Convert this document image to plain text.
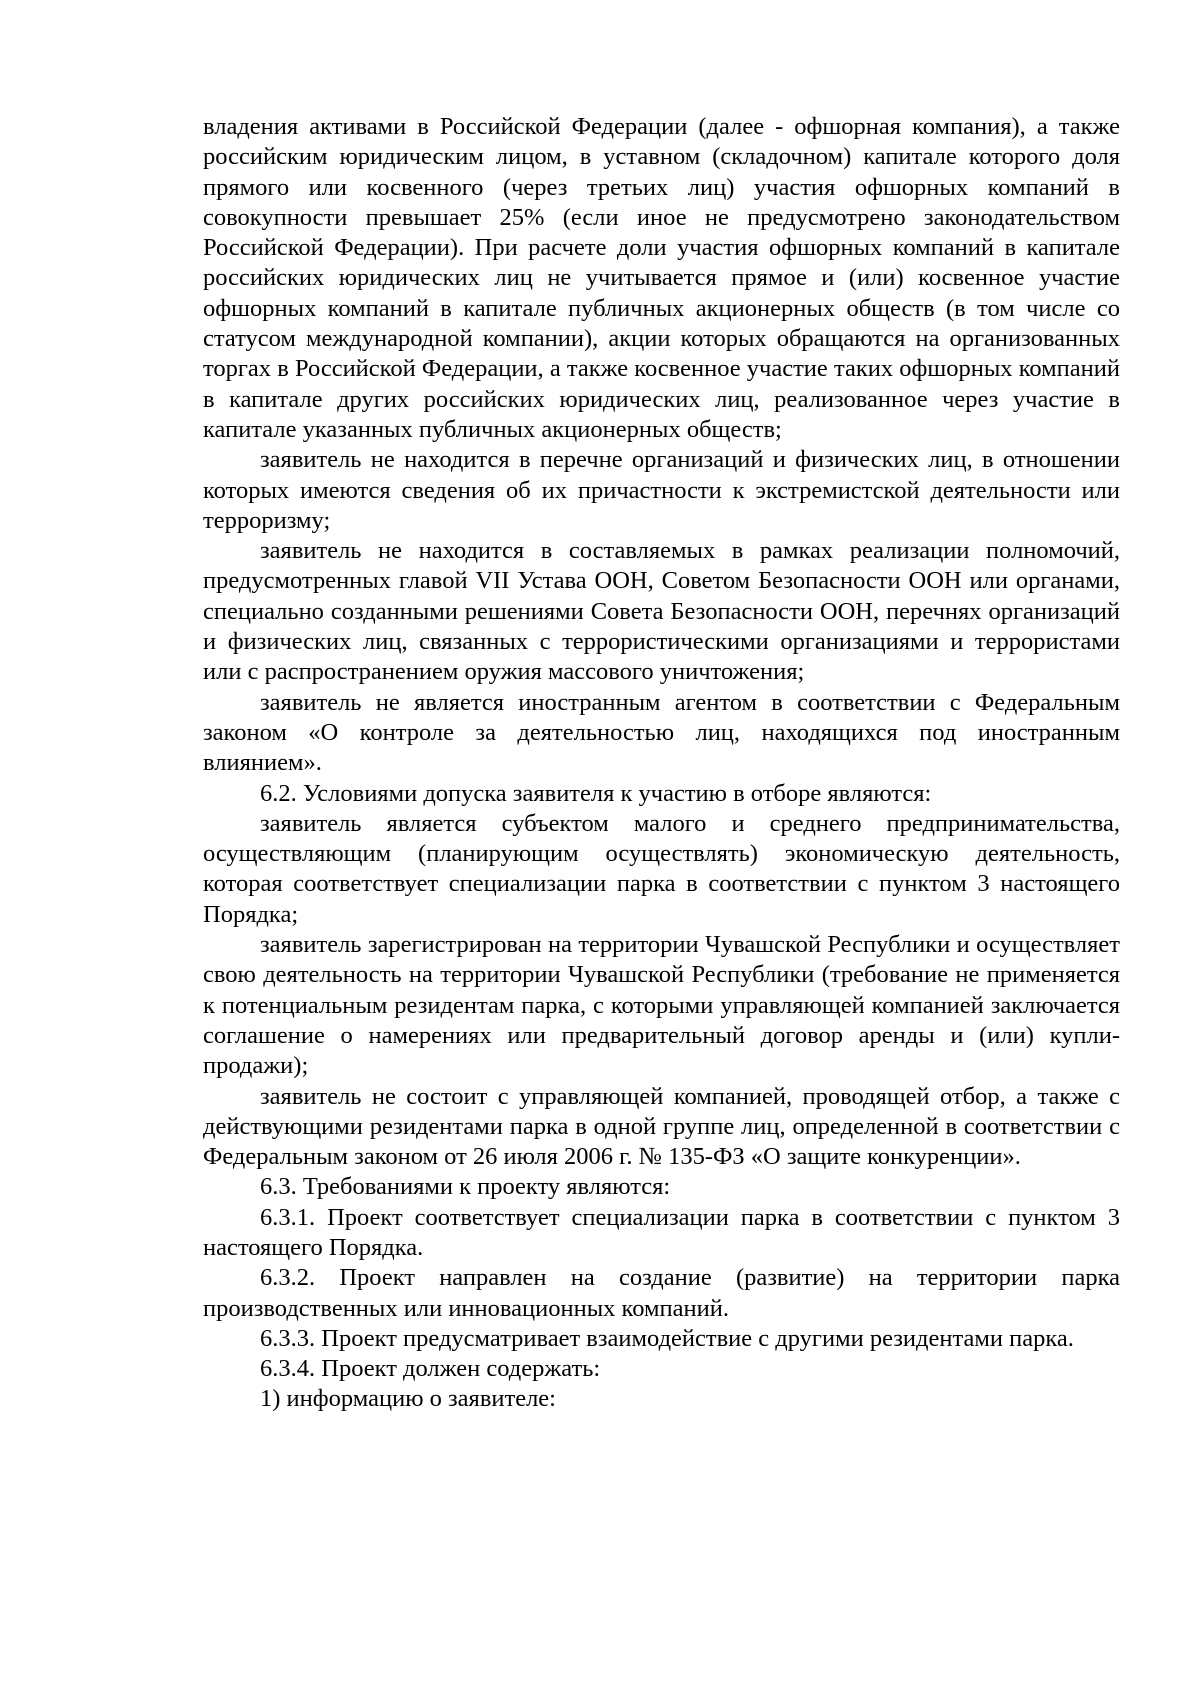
владения активами в Российской Федерации (далее - офшорная компания), а также российским юридическим лицом, в уставном (складочном) капитале которого доля прямого или косвенного (через третьих лиц) участия офшорных компаний в совокупности превышает 25% (если иное не предусмотрено законодательством Российской Федерации). При расчете доли участия офшорных компаний в капитале российских юридических лиц не учитывается прямое и (или) косвенное участие офшорных компаний в капитале публичных акционерных обществ (в том числе со статусом международной компании), акции которых обращаются на организованных торгах в Российской Федерации, а также косвенное участие таких офшорных компаний в капитале других российских юридических лиц, реализованное через участие в капитале указанных публичных акционерных обществ;

заявитель не находится в перечне организаций и физических лиц, в отношении которых имеются сведения об их причастности к экстремистской деятельности или терроризму;

заявитель не находится в составляемых в рамках реализации полномочий, предусмотренных главой VII Устава ООН, Советом Безопасности ООН или органами, специально созданными решениями Совета Безопасности ООН, перечнях организаций и физических лиц, связанных с террористическими организациями и террористами или с распространением оружия массового уничтожения;

заявитель не является иностранным агентом в соответствии с Федеральным законом «О контроле за деятельностью лиц, находящихся под иностранным влиянием».

6.2. Условиями допуска заявителя к участию в отборе являются:

заявитель является субъектом малого и среднего предпринимательства, осуществляющим (планирующим осуществлять) экономическую деятельность, которая соответствует специализации парка в соответствии с пунктом 3 настоящего Порядка;

заявитель зарегистрирован на территории Чувашской Республики и осуществляет свою деятельность на территории Чувашской Республики (требование не применяется к потенциальным резидентам парка, с которыми управляющей компанией заключается соглашение о намерениях или предварительный договор аренды и (или) купли-продажи);

заявитель не состоит с управляющей компанией, проводящей отбор, а также с действующими резидентами парка в одной группе лиц, определенной в соответствии с Федеральным законом от 26 июля 2006 г. № 135-ФЗ «О защите конкуренции».

6.3. Требованиями к проекту являются:

6.3.1. Проект соответствует специализации парка в соответствии с пунктом 3 настоящего Порядка.

6.3.2. Проект направлен на создание (развитие) на территории парка производственных или инновационных компаний.

6.3.3. Проект предусматривает взаимодействие с другими резидентами парка.

6.3.4. Проект должен содержать:

1) информацию о заявителе:
